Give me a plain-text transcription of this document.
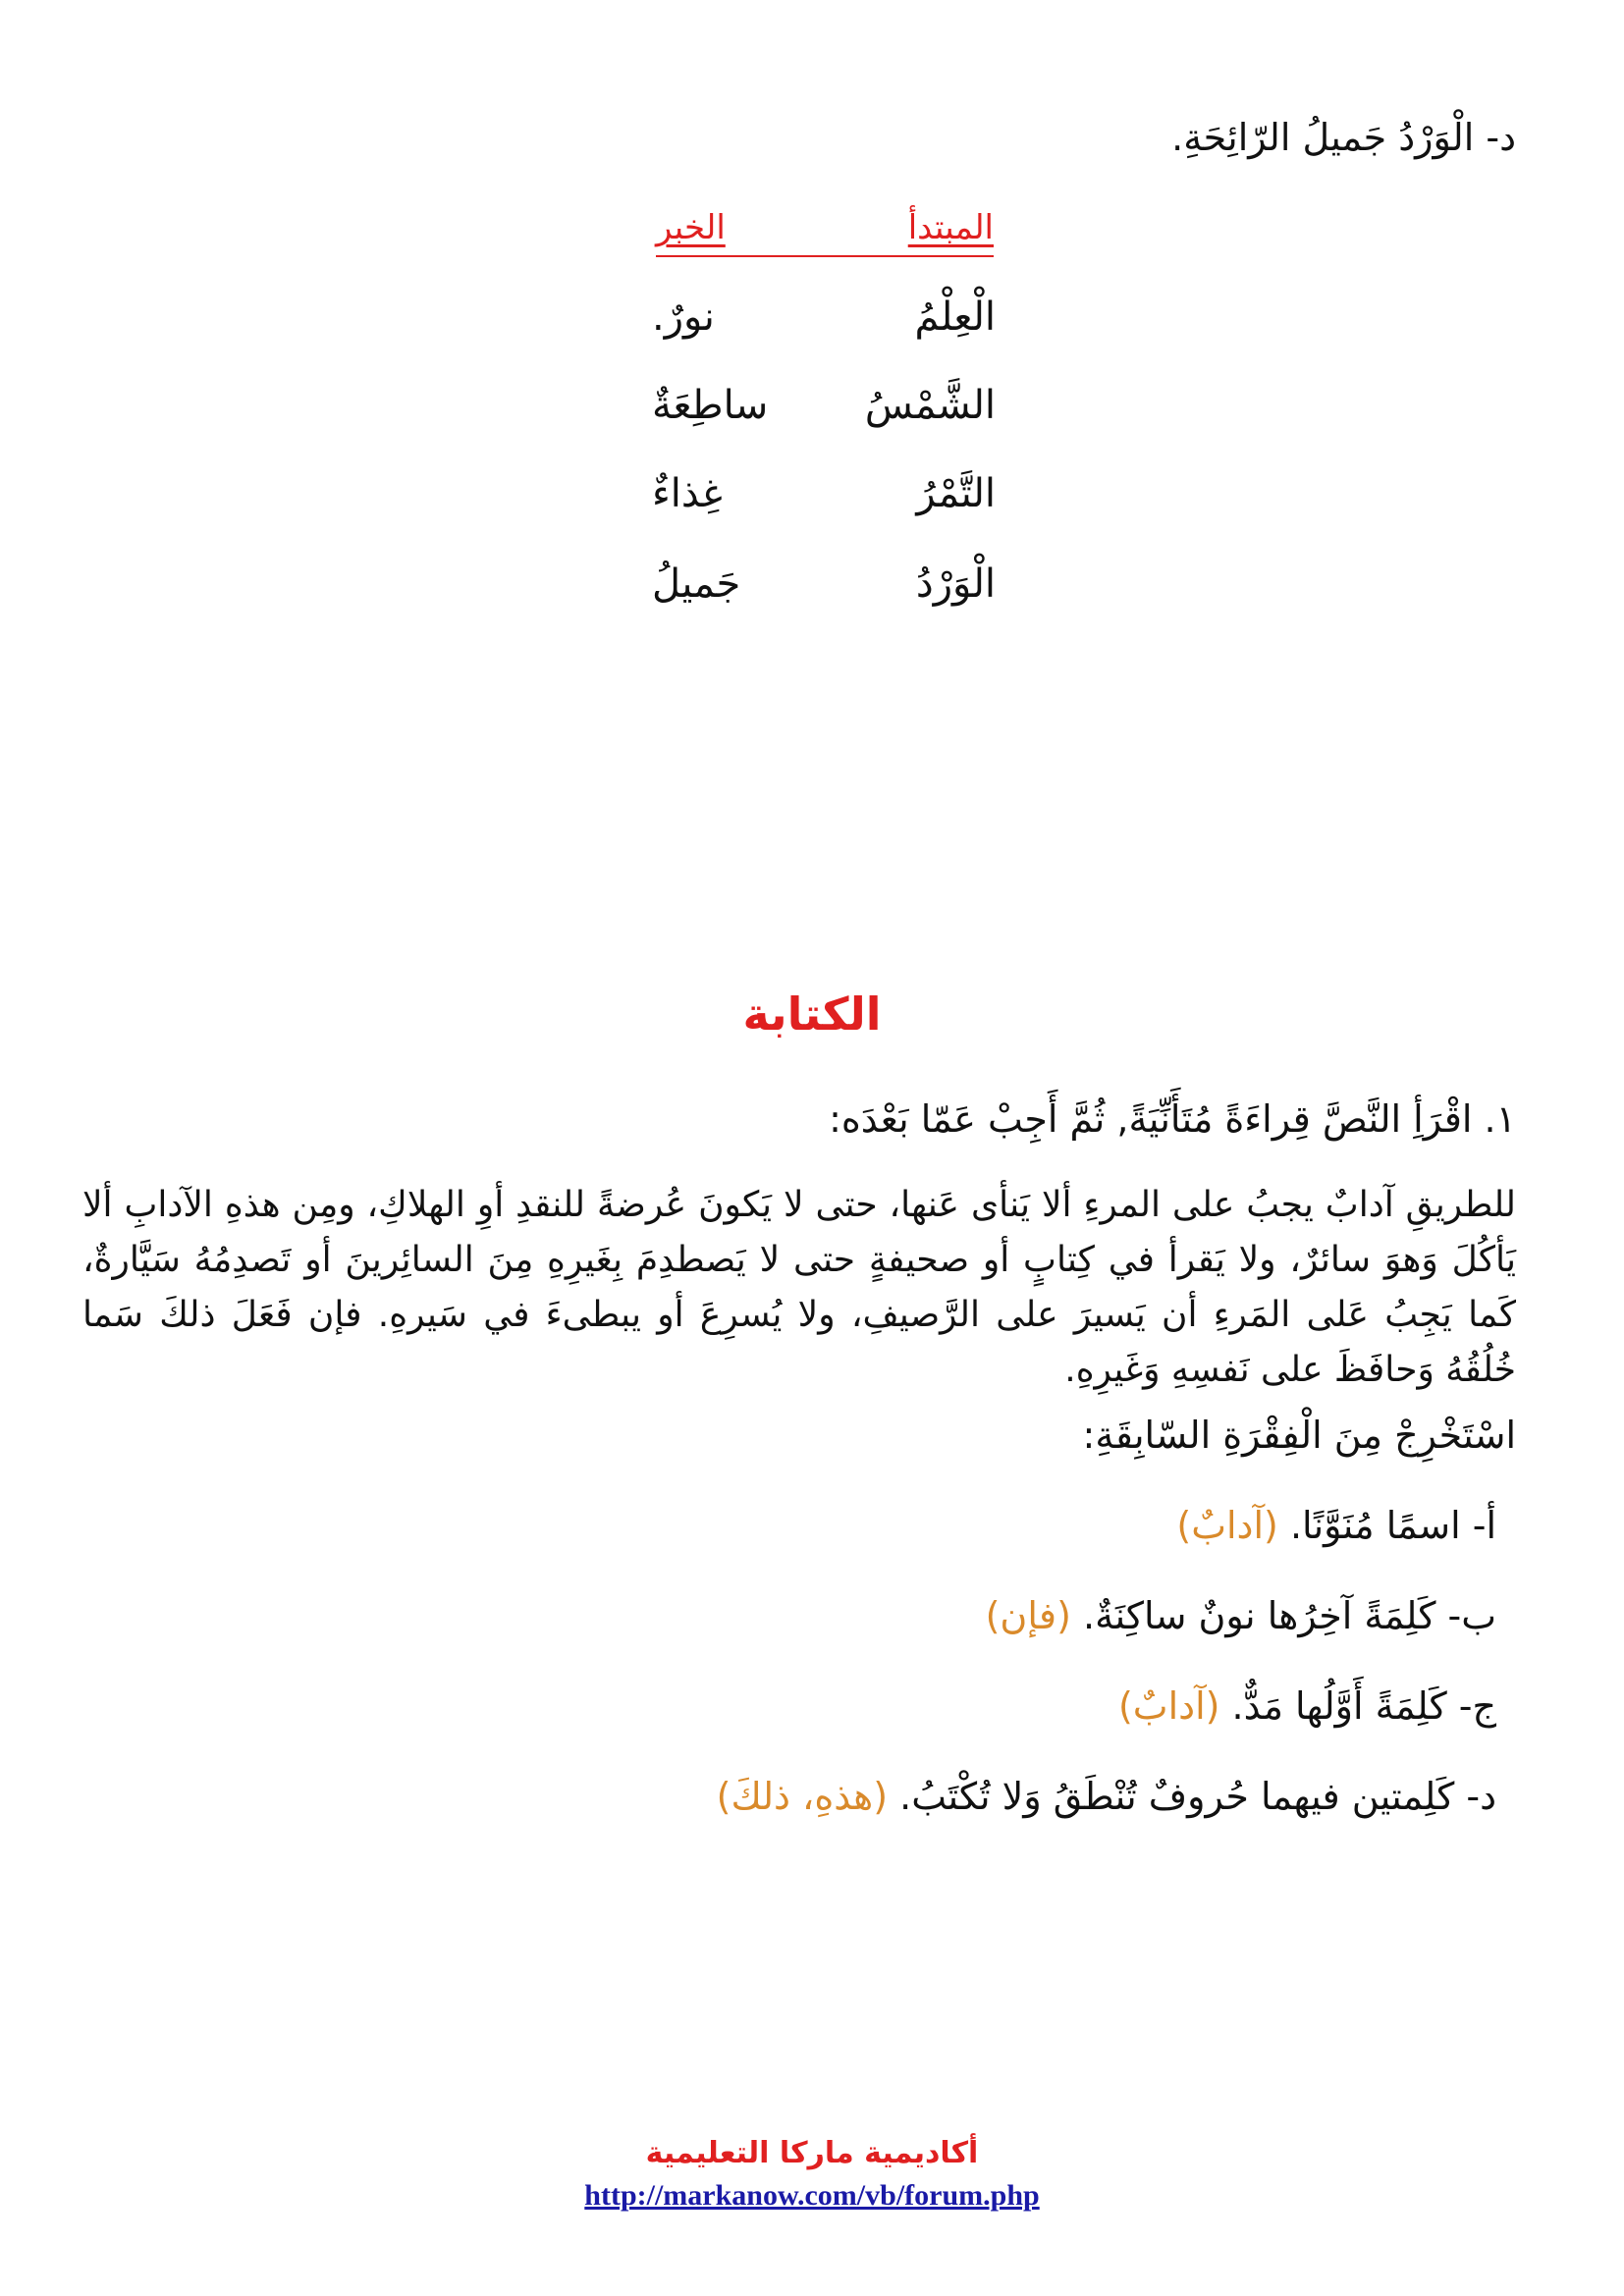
د- الْوَرْدُ جَميلُ الرّائِحَةِ.
المبتدأ
الخبر
الْعِلْمُ
نورٌ.
الشَّمْسُ
ساطِعَةٌ
التَّمْرُ
غِذاءٌ
الْوَرْدُ
جَميلُ
الكتابة
١. اقْرَأِ النَّصَّ قِراءَةً مُتَأَنِّيَةً, ثُمَّ أَجِبْ عَمّا بَعْدَه:
للطريقِ آدابٌ يجبُ على المرءِ ألا يَنأى عَنها، حتى لا يَكونَ عُرضةً للنقدِ أوِ الهلاكِ، ومِن هذهِ الآدابِ ألا يَأكُلَ وَهوَ سائرٌ، ولا يَقرأ في كِتابٍ أو صحيفةٍ حتى لا يَصطدِمَ بِغَيرِهِ مِنَ السائِرينَ أو تَصدِمُهُ سَيَّارةٌ، كَما يَجِبُ عَلى المَرءِ أن يَسيرَ على الرَّصيفِ، ولا يُسرِعَ أو يبطىءَ في سَيرهِ. فإن فَعَلَ ذلكَ سَما خُلُقُهُ وَحافَظَ على نَفسِهِ وَغَيرِهِ.
اسْتَخْرِجْ مِنَ الْفِقْرَةِ السّابِقَةِ:
أ- اسمًا مُنَوَّنًا. (آدابٌ)
ب- كَلِمَةً آخِرُها نونٌ ساكِنَةٌ. (فإن)
ج- كَلِمَةً أَوَّلُها مَدٌّ. (آدابٌ)
د- كَلِمتين فيهما حُروفٌ تُنْطَقُ وَلا تُكْتَبُ. (هذهِ، ذلكَ)
أكاديمية ماركا التعليمية
http://markanow.com/vb/forum.php
